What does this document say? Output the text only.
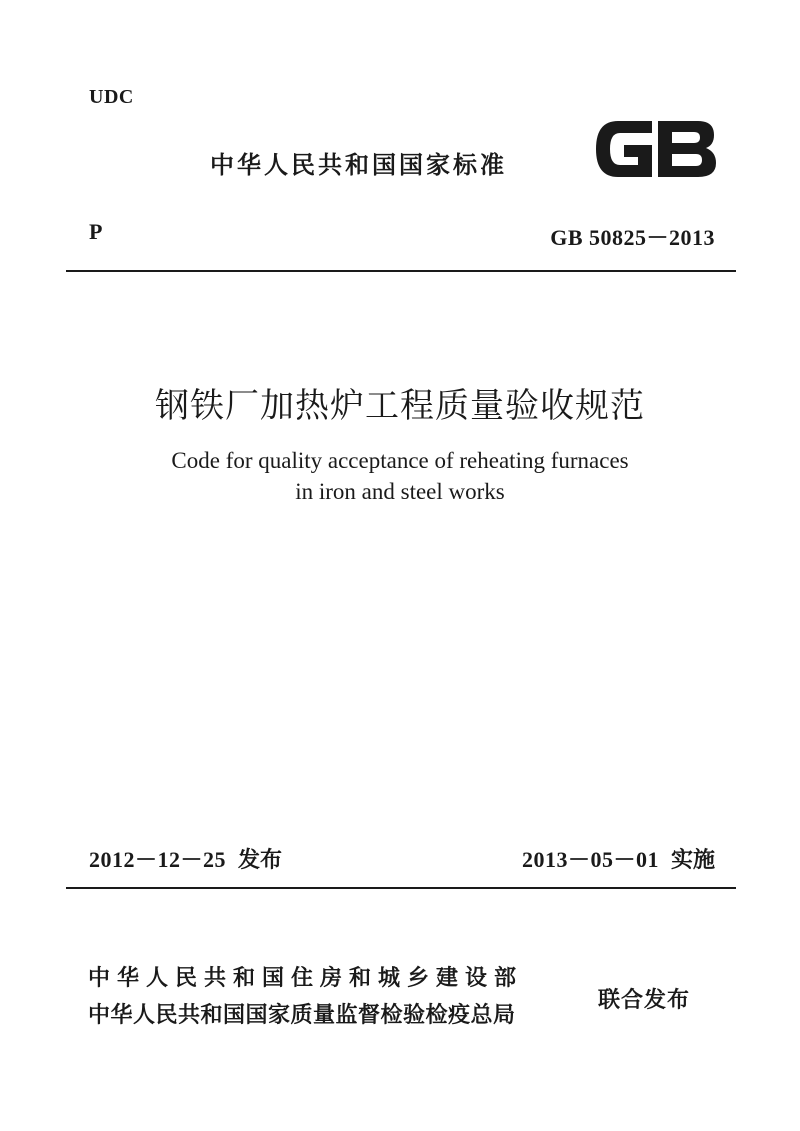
UDC
中华人民共和国国家标准
P	GB 50825－2013
钢铁厂加热炉工程质量验收规范
Code for quality acceptance of reheating furnaces
in iron and steel works
2012－12－25 发布	2013－05－01 实施
中华人民共和国住房和城乡建设部
中华人民共和国国家质量监督检验检疫总局
联合发布
